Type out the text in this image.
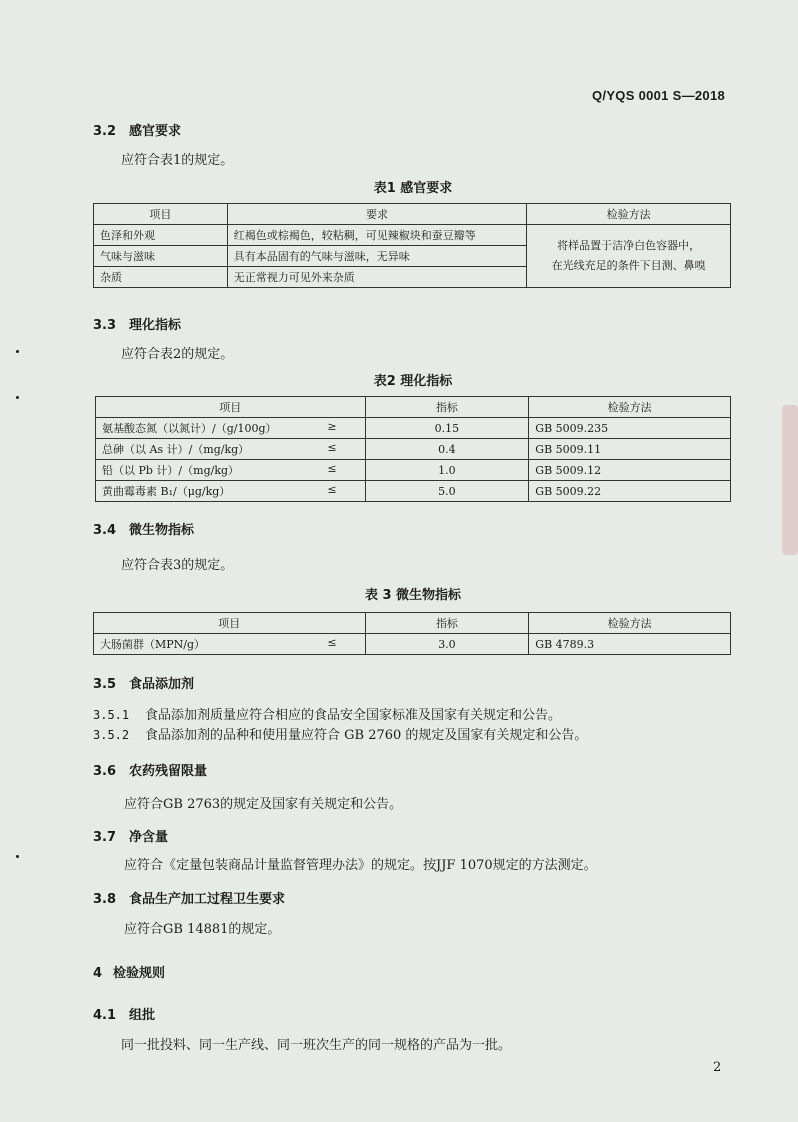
Q/YQS 0001 S—2018
3.2 感官要求
应符合表1的规定。
表1 感官要求
项目	要求	检验方法
色泽和外观	红褐色或棕褐色，较粘稠，可见辣椒块和蚕豆瓣等	将样品置于洁净白色容器中，
在光线充足的条件下目测、鼻嗅

气味与滋味	具有本品固有的气味与滋味，无异味	
杂质	无正常视力可见外来杂质	
3.3 理化指标
应符合表2的规定。
表2 理化指标
项目	指标	检验方法
氨基酸态氮（以氮计）/（g/100g） ≥	0.15	GB 5009.235
总砷（以 As 计）/（mg/kg） ≤	0.4	GB 5009.11
铅（以 Pb 计）/（mg/kg） ≤	1.0	GB 5009.12
黄曲霉毒素 B₁/（μg/kg） ≤	5.0	GB 5009.22
3.4 微生物指标
应符合表3的规定。
表 3 微生物指标
项目	指标	检验方法
大肠菌群（MPN/g） ≤	3.0	GB 4789.3
3.5 食品添加剂
3.5.1 食品添加剂质量应符合相应的食品安全国家标准及国家有关规定和公告。
3.5.2 食品添加剂的品种和使用量应符合 GB 2760 的规定及国家有关规定和公告。
3.6 农药残留限量
应符合GB 2763的规定及国家有关规定和公告。
3.7 净含量
应符合《定量包装商品计量监督管理办法》的规定。按JJF 1070规定的方法测定。
3.8 食品生产加工过程卫生要求
应符合GB 14881的规定。
4 检验规则
4.1 组批
同一批投料、同一生产线、同一班次生产的同一规格的产品为一批。
2
